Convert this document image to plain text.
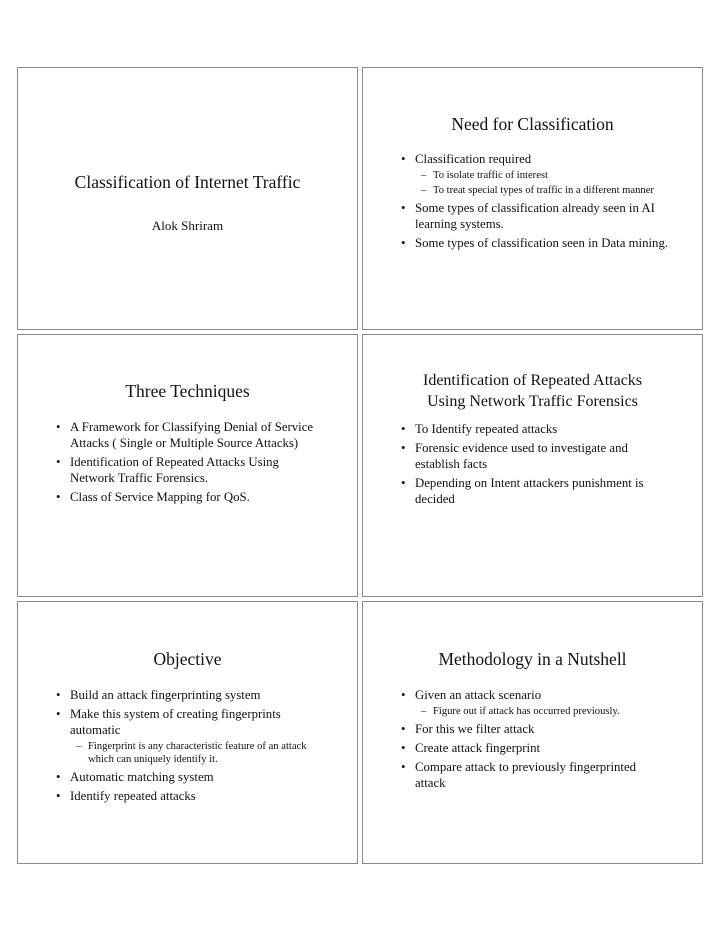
Classification of Internet Traffic
Alok Shriram
Need for Classification
• Classification required
– To isolate traffic of interest
– To treat special types of traffic in a different manner
• Some types of classification already seen in AI learning systems.
• Some types of classification seen in Data mining.
Three Techniques
• A Framework for Classifying Denial of Service Attacks ( Single or Multiple Source Attacks)
• Identification of Repeated Attacks Using Network Traffic Forensics.
• Class of Service Mapping for QoS.
Identification of Repeated Attacks
Using Network Traffic Forensics
• To Identify repeated attacks
• Forensic evidence used to investigate and establish facts
• Depending on Intent attackers punishment is decided
Objective
• Build an attack fingerprinting system
• Make this system of creating fingerprints automatic
– Fingerprint is any characteristic feature of an attack which can uniquely identify it.
• Automatic matching system
• Identify repeated attacks
Methodology in a Nutshell
• Given an attack scenario
– Figure out if attack has occurred previously.
• For this we filter attack
• Create attack fingerprint
• Compare attack to previously fingerprinted attack
